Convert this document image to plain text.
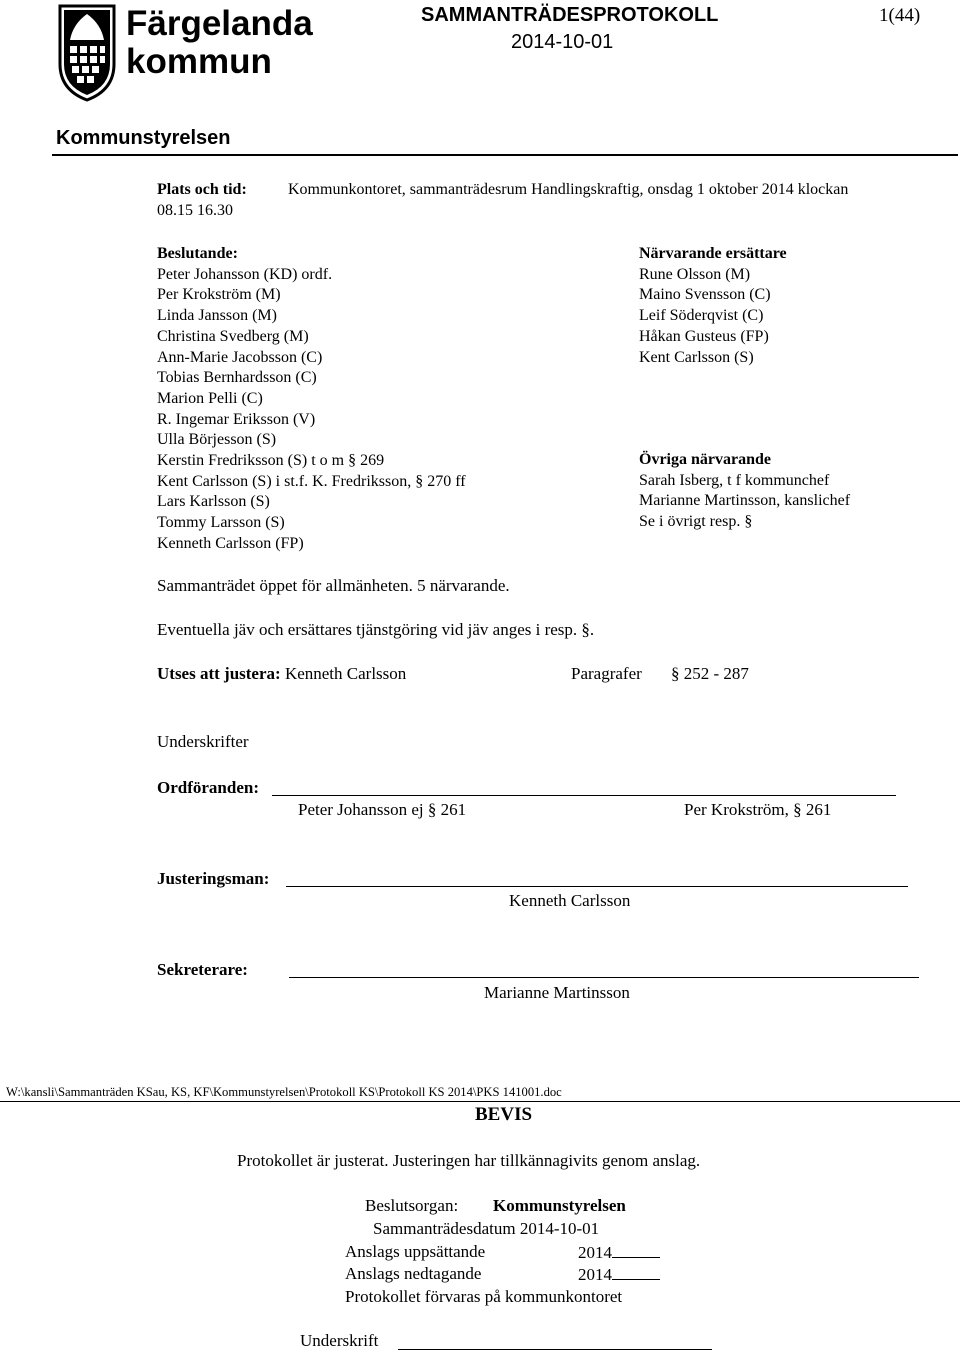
Färgelanda
kommun
SAMMANTRÄDESPROTOKOLL
2014-10-01
1(44)
Kommunstyrelsen
Plats och tid:	Kommunkontoret, sammanträdesrum Handlingskraftig, onsdag 1 oktober 2014 klockan
08.15 16.30
Beslutande:
Peter Johansson (KD) ordf.
Per Krokström (M)
Linda Jansson (M)
Christina Svedberg (M)
Ann-Marie Jacobsson (C)
Tobias Bernhardsson (C)
Marion Pelli (C)
R. Ingemar Eriksson (V)
Ulla Börjesson (S)
Kerstin Fredriksson (S) t o m § 269
Kent Carlsson (S) i st.f. K. Fredriksson, § 270 ff
Lars Karlsson (S)
Tommy Larsson (S)
Kenneth Carlsson (FP)
Närvarande ersättare
Rune Olsson (M)
Maino Svensson (C)
Leif Söderqvist (C)
Håkan Gusteus (FP)
Kent Carlsson (S)
Övriga närvarande
Sarah Isberg, t f kommunchef
Marianne Martinsson, kanslichef
Se i övrigt resp. §
Sammanträdet öppet för allmänheten. 5 närvarande.
Eventuella jäv och ersättares tjänstgöring vid jäv anges i resp. §.
Utses att justera: Kenneth Carlsson	Paragrafer § 252 - 287
Underskrifter
Ordföranden:
Peter Johansson ej § 261	Per Krokström, § 261
Justeringsman:
Kenneth Carlsson
Sekreterare:
Marianne Martinsson
W:\kansli\Sammanträden KSau, KS, KF\Kommunstyrelsen\Protokoll KS\Protokoll KS 2014\PKS 141001.doc
BEVIS
Protokollet är justerat. Justeringen har tillkännagivits genom anslag.
Beslutsorgan: Kommunstyrelsen
Sammanträdesdatum 2014-10-01
Anslags uppsättande	2014
Anslags nedtagande	2014
Protokollet förvaras på kommunkontoret
Underskrift
